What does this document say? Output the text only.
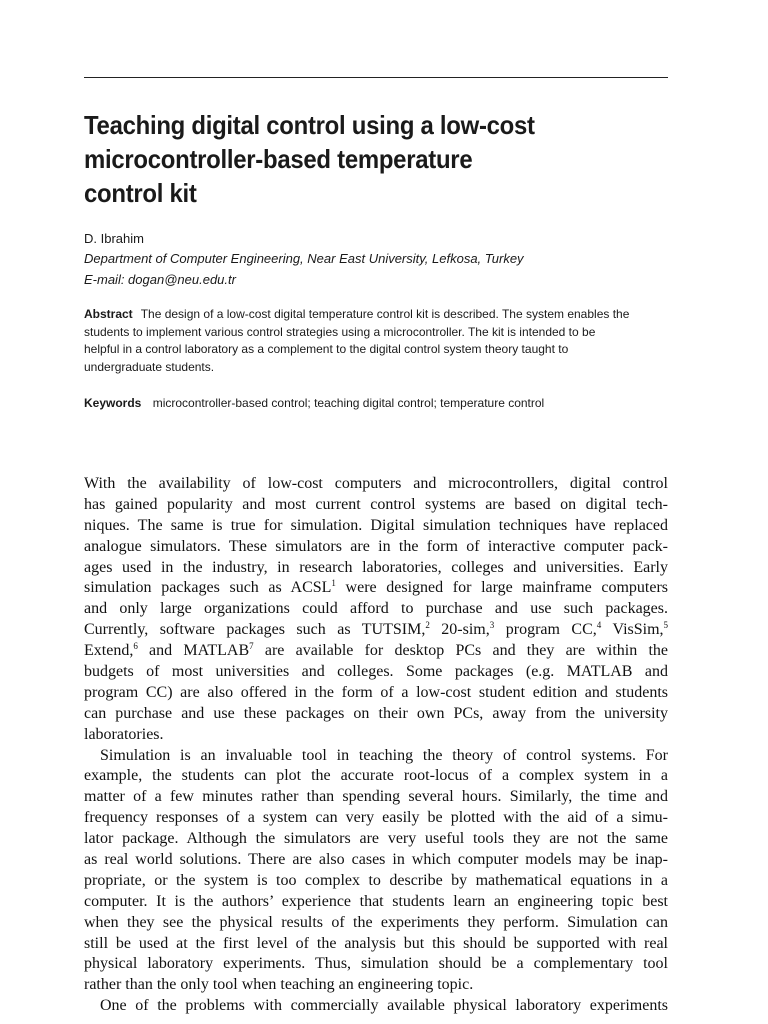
Teaching digital control using a low-cost
microcontroller-based temperature
control kit
D. Ibrahim
Department of Computer Engineering, Near East University, Lefkosa, Turkey
E-mail: dogan@neu.edu.tr
Abstract The design of a low-cost digital temperature control kit is described. The system enables the
students to implement various control strategies using a microcontroller. The kit is intended to be
helpful in a control laboratory as a complement to the digital control system theory taught to
undergraduate students.
Keywords microcontroller-based control; teaching digital control; temperature control
With the availability of low-cost computers and microcontrollers, digital control
has gained popularity and most current control systems are based on digital tech-
niques. The same is true for simulation. Digital simulation techniques have replaced
analogue simulators. These simulators are in the form of interactive computer pack-
ages used in the industry, in research laboratories, colleges and universities. Early
simulation packages such as ACSL$^1$ were designed for large mainframe computers
and only large organizations could afford to purchase and use such packages.
Currently, software packages such as TUTSIM,$^2$ 20-sim,$^3$ program CC,$^4$ VisSim,$^5$
Extend,$^6$ and MATLAB$^7$ are available for desktop PCs and they are within the
budgets of most universities and colleges. Some packages (e.g. MATLAB and
program CC) are also offered in the form of a low-cost student edition and students
can purchase and use these packages on their own PCs, away from the university
laboratories.
Simulation is an invaluable tool in teaching the theory of control systems. For
example, the students can plot the accurate root-locus of a complex system in a
matter of a few minutes rather than spending several hours. Similarly, the time and
frequency responses of a system can very easily be plotted with the aid of a simu-
lator package. Although the simulators are very useful tools they are not the same
as real world solutions. There are also cases in which computer models may be inap-
propriate, or the system is too complex to describe by mathematical equations in a
computer. It is the authors’ experience that students learn an engineering topic best
when they see the physical results of the experiments they perform. Simulation can
still be used at the first level of the analysis but this should be supported with real
physical laboratory experiments. Thus, simulation should be a complementary tool
rather than the only tool when teaching an engineering topic.
One of the problems with commercially available physical laboratory experiments
